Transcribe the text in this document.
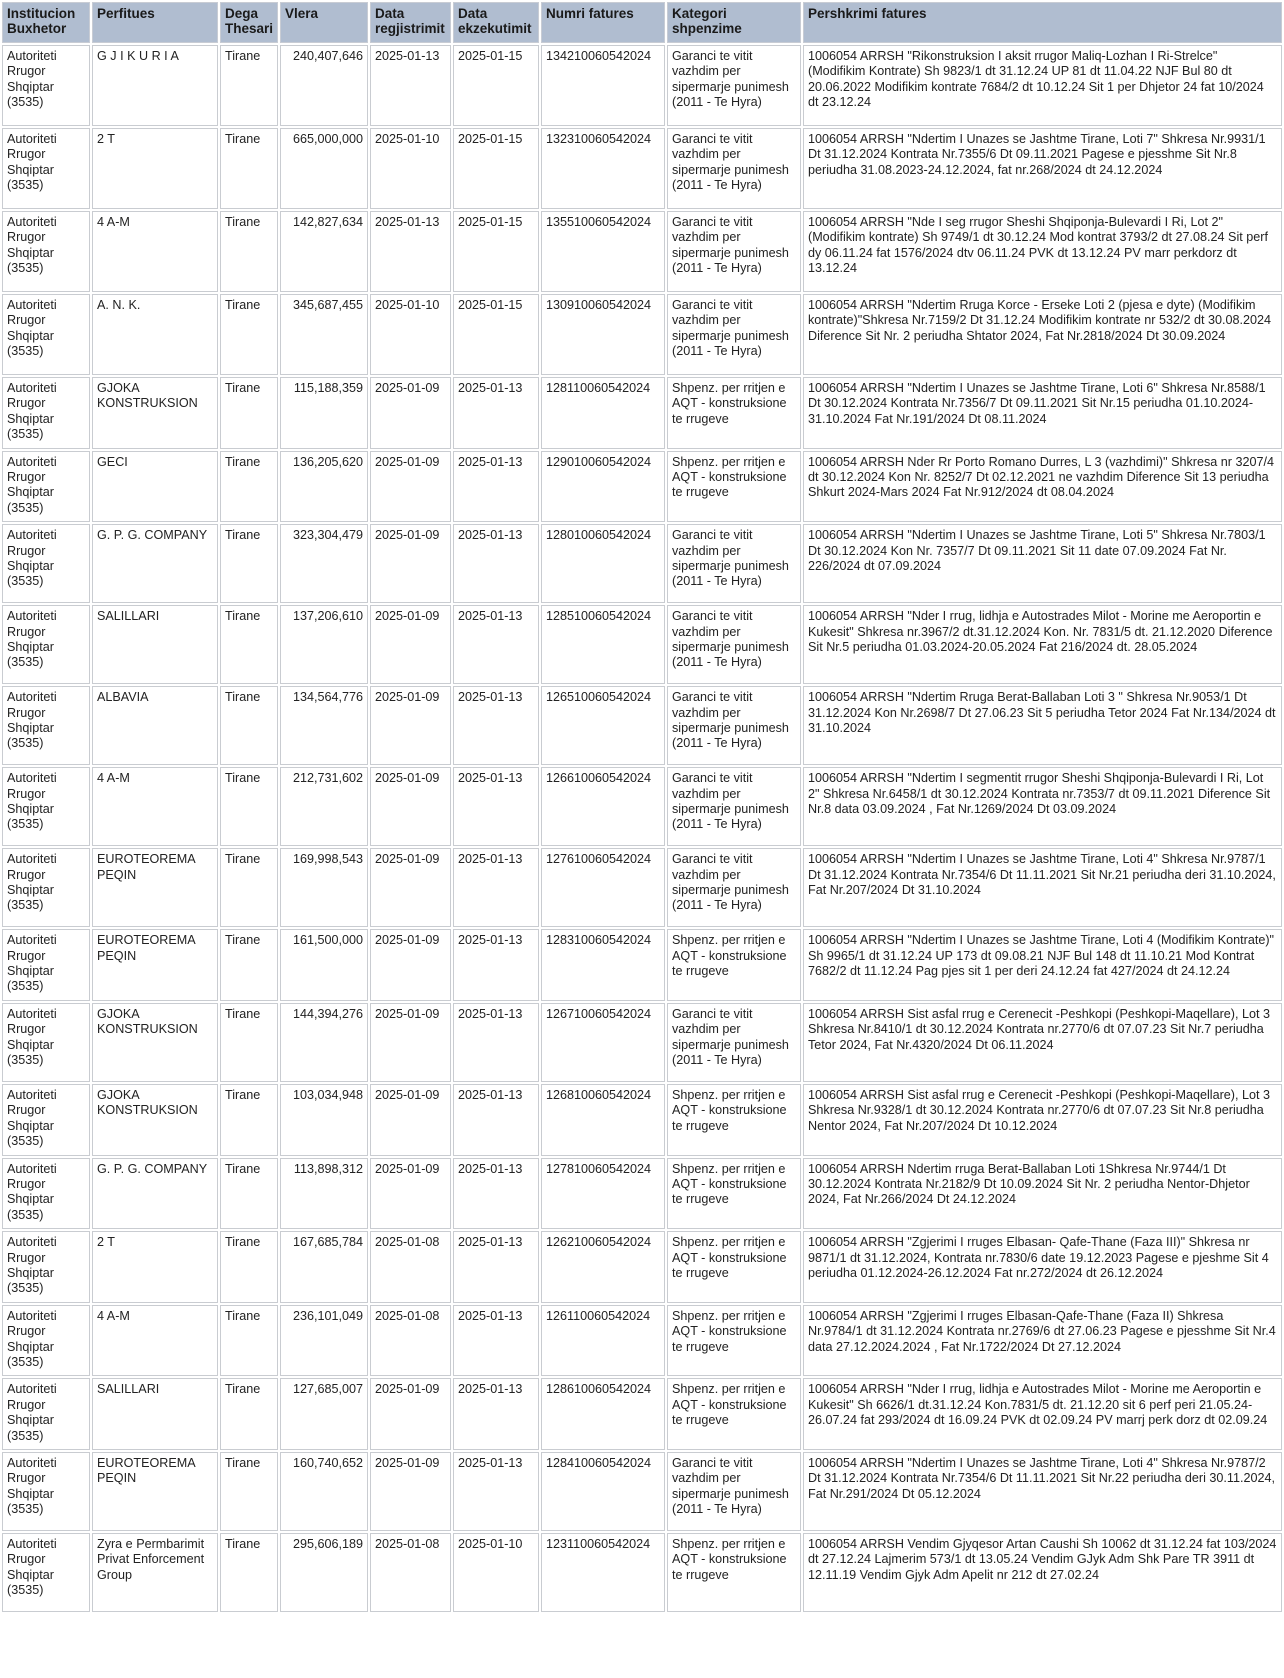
Institucion Buxhetor	Perfitues	Dega Thesari	Vlera	Data regjistrimit	Data ekzekutimit	Numri fatures	Kategori shpenzime	Pershkrimi fatures
Autoriteti Rrugor Shqiptar (3535)	G J I K U R I A	Tirane	240,407,646	2025-01-13	2025-01-15	134210060542024	Garanci te vitit vazhdim per sipermarje punimesh (2011 - Te Hyra)	1006054 ARRSH "Rikonstruksion I aksit rrugor Maliq-Lozhan I Ri-Strelce" (Modifikim Kontrate) Sh 9823/1 dt 31.12.24 UP 81 dt 11.04.22 NJF Bul 80 dt 20.06.2022 Modifikim kontrate 7684/2 dt 10.12.24 Sit 1 per Dhjetor 24 fat 10/2024 dt 23.12.24
Autoriteti Rrugor Shqiptar (3535)	2 T	Tirane	665,000,000	2025-01-10	2025-01-15	132310060542024	Garanci te vitit vazhdim per sipermarje punimesh (2011 - Te Hyra)	1006054 ARRSH "Ndertim I Unazes se Jashtme Tirane, Loti 7" Shkresa Nr.9931/1 Dt 31.12.2024 Kontrata Nr.7355/6 Dt 09.11.2021 Pagese e pjesshme Sit Nr.8 periudha 31.08.2023-24.12.2024, fat nr.268/2024 dt 24.12.2024
Autoriteti Rrugor Shqiptar (3535)	4 A-M	Tirane	142,827,634	2025-01-13	2025-01-15	135510060542024	Garanci te vitit vazhdim per sipermarje punimesh (2011 - Te Hyra)	1006054 ARRSH "Nde I seg rrugor Sheshi Shqiponja-Bulevardi I Ri, Lot 2" (Modifikim kontrate) Sh 9749/1 dt 30.12.24 Mod kontrat 3793/2 dt 27.08.24 Sit perf dy 06.11.24 fat 1576/2024 dtv 06.11.24 PVK dt 13.12.24 PV marr perkdorz dt 13.12.24
Autoriteti Rrugor Shqiptar (3535)	A. N. K.	Tirane	345,687,455	2025-01-10	2025-01-15	130910060542024	Garanci te vitit vazhdim per sipermarje punimesh (2011 - Te Hyra)	1006054 ARRSH "Ndertim Rruga Korce - Erseke Loti 2 (pjesa e dyte) (Modifikim kontrate)"Shkresa Nr.7159/2 Dt 31.12.24 Modifikim kontrate nr 532/2 dt 30.08.2024 Diference Sit Nr. 2 periudha Shtator 2024, Fat Nr.2818/2024 Dt 30.09.2024
Autoriteti Rrugor Shqiptar (3535)	GJOKA KONSTRUKSION	Tirane	115,188,359	2025-01-09	2025-01-13	128110060542024	Shpenz. per rritjen e AQT - konstruksione te rrugeve	1006054 ARRSH "Ndertim I Unazes se Jashtme Tirane, Loti 6" Shkresa Nr.8588/1 Dt 30.12.2024 Kontrata Nr.7356/7 Dt 09.11.2021 Sit Nr.15 periudha 01.10.2024-31.10.2024 Fat Nr.191/2024 Dt 08.11.2024
Autoriteti Rrugor Shqiptar (3535)	GECI	Tirane	136,205,620	2025-01-09	2025-01-13	129010060542024	Shpenz. per rritjen e AQT - konstruksione te rrugeve	1006054 ARRSH Nder Rr Porto Romano Durres, L 3 (vazhdimi)" Shkresa nr 3207/4 dt 30.12.2024 Kon Nr. 8252/7 Dt 02.12.2021 ne vazhdim Diference Sit 13 periudha Shkurt 2024-Mars 2024 Fat Nr.912/2024 dt 08.04.2024
Autoriteti Rrugor Shqiptar (3535)	G. P. G. COMPANY	Tirane	323,304,479	2025-01-09	2025-01-13	128010060542024	Garanci te vitit vazhdim per sipermarje punimesh (2011 - Te Hyra)	1006054 ARRSH "Ndertim I Unazes se Jashtme Tirane, Loti 5" Shkresa Nr.7803/1 Dt 30.12.2024 Kon Nr. 7357/7 Dt 09.11.2021 Sit 11 date 07.09.2024 Fat Nr. 226/2024 dt 07.09.2024
Autoriteti Rrugor Shqiptar (3535)	SALILLARI	Tirane	137,206,610	2025-01-09	2025-01-13	128510060542024	Garanci te vitit vazhdim per sipermarje punimesh (2011 - Te Hyra)	1006054 ARRSH "Nder I rrug, lidhja e Autostrades Milot - Morine me Aeroportin e Kukesit" Shkresa nr.3967/2 dt.31.12.2024 Kon. Nr. 7831/5 dt. 21.12.2020 Diference Sit Nr.5 periudha 01.03.2024-20.05.2024 Fat 216/2024 dt. 28.05.2024
Autoriteti Rrugor Shqiptar (3535)	ALBAVIA	Tirane	134,564,776	2025-01-09	2025-01-13	126510060542024	Garanci te vitit vazhdim per sipermarje punimesh (2011 - Te Hyra)	1006054 ARRSH "Ndertim Rruga Berat-Ballaban Loti 3 " Shkresa Nr.9053/1 Dt 31.12.2024 Kon Nr.2698/7 Dt 27.06.23 Sit 5 periudha Tetor 2024 Fat Nr.134/2024 dt 31.10.2024
Autoriteti Rrugor Shqiptar (3535)	4 A-M	Tirane	212,731,602	2025-01-09	2025-01-13	126610060542024	Garanci te vitit vazhdim per sipermarje punimesh (2011 - Te Hyra)	1006054 ARRSH "Ndertim I segmentit rrugor Sheshi Shqiponja-Bulevardi I Ri, Lot 2" Shkresa Nr.6458/1 dt 30.12.2024 Kontrata nr.7353/7 dt 09.11.2021 Diference Sit Nr.8 data 03.09.2024 , Fat Nr.1269/2024 Dt 03.09.2024
Autoriteti Rrugor Shqiptar (3535)	EUROTEOREMA PEQIN	Tirane	169,998,543	2025-01-09	2025-01-13	127610060542024	Garanci te vitit vazhdim per sipermarje punimesh (2011 - Te Hyra)	1006054 ARRSH "Ndertim I Unazes se Jashtme Tirane, Loti 4" Shkresa Nr.9787/1 Dt 31.12.2024 Kontrata Nr.7354/6 Dt 11.11.2021 Sit Nr.21 periudha deri 31.10.2024, Fat Nr.207/2024 Dt 31.10.2024
Autoriteti Rrugor Shqiptar (3535)	EUROTEOREMA PEQIN	Tirane	161,500,000	2025-01-09	2025-01-13	128310060542024	Shpenz. per rritjen e AQT - konstruksione te rrugeve	1006054 ARRSH "Ndertim I Unazes se Jashtme Tirane, Loti 4 (Modifikim Kontrate)" Sh 9965/1 dt 31.12.24 UP 173 dt 09.08.21 NJF Bul 148 dt 11.10.21 Mod Kontrat 7682/2 dt 11.12.24 Pag pjes sit 1 per deri 24.12.24 fat 427/2024 dt 24.12.24
Autoriteti Rrugor Shqiptar (3535)	GJOKA KONSTRUKSION	Tirane	144,394,276	2025-01-09	2025-01-13	126710060542024	Garanci te vitit vazhdim per sipermarje punimesh (2011 - Te Hyra)	1006054 ARRSH Sist asfal rrug e Cerenecit -Peshkopi (Peshkopi-Maqellare), Lot 3 Shkresa Nr.8410/1 dt 30.12.2024 Kontrata nr.2770/6 dt 07.07.23 Sit Nr.7 periudha Tetor 2024, Fat Nr.4320/2024 Dt 06.11.2024
Autoriteti Rrugor Shqiptar (3535)	GJOKA KONSTRUKSION	Tirane	103,034,948	2025-01-09	2025-01-13	126810060542024	Shpenz. per rritjen e AQT - konstruksione te rrugeve	1006054 ARRSH Sist asfal rrug e Cerenecit -Peshkopi (Peshkopi-Maqellare), Lot 3 Shkresa Nr.9328/1 dt 30.12.2024 Kontrata nr.2770/6 dt 07.07.23 Sit Nr.8 periudha Nentor 2024, Fat Nr.207/2024 Dt 10.12.2024
Autoriteti Rrugor Shqiptar (3535)	G. P. G. COMPANY	Tirane	113,898,312	2025-01-09	2025-01-13	127810060542024	Shpenz. per rritjen e AQT - konstruksione te rrugeve	1006054 ARRSH Ndertim rruga Berat-Ballaban Loti 1Shkresa Nr.9744/1 Dt 30.12.2024 Kontrata Nr.2182/9 Dt 10.09.2024 Sit Nr. 2 periudha Nentor-Dhjetor 2024, Fat Nr.266/2024 Dt 24.12.2024
Autoriteti Rrugor Shqiptar (3535)	2 T	Tirane	167,685,784	2025-01-08	2025-01-13	126210060542024	Shpenz. per rritjen e AQT - konstruksione te rrugeve	1006054 ARRSH "Zgjerimi I rruges Elbasan- Qafe-Thane (Faza III)" Shkresa nr 9871/1 dt 31.12.2024, Kontrata nr.7830/6 date 19.12.2023 Pagese e pjeshme Sit 4 periudha 01.12.2024-26.12.2024 Fat nr.272/2024 dt 26.12.2024
Autoriteti Rrugor Shqiptar (3535)	4 A-M	Tirane	236,101,049	2025-01-08	2025-01-13	126110060542024	Shpenz. per rritjen e AQT - konstruksione te rrugeve	1006054 ARRSH "Zgjerimi I rruges Elbasan-Qafe-Thane (Faza II) Shkresa Nr.9784/1 dt 31.12.2024 Kontrata nr.2769/6 dt 27.06.23 Pagese e pjesshme Sit Nr.4 data 27.12.2024.2024 , Fat Nr.1722/2024 Dt 27.12.2024
Autoriteti Rrugor Shqiptar (3535)	SALILLARI	Tirane	127,685,007	2025-01-09	2025-01-13	128610060542024	Shpenz. per rritjen e AQT - konstruksione te rrugeve	1006054 ARRSH "Nder I rrug, lidhja e Autostrades Milot - Morine me Aeroportin e Kukesit" Sh 6626/1 dt.31.12.24 Kon.7831/5 dt. 21.12.20 sit 6 perf peri 21.05.24-26.07.24 fat 293/2024 dt 16.09.24 PVK dt 02.09.24 PV marrj perk dorz dt 02.09.24
Autoriteti Rrugor Shqiptar (3535)	EUROTEOREMA PEQIN	Tirane	160,740,652	2025-01-09	2025-01-13	128410060542024	Garanci te vitit vazhdim per sipermarje punimesh (2011 - Te Hyra)	1006054 ARRSH "Ndertim I Unazes se Jashtme Tirane, Loti 4" Shkresa Nr.9787/2 Dt 31.12.2024 Kontrata Nr.7354/6 Dt 11.11.2021 Sit Nr.22 periudha deri 30.11.2024, Fat Nr.291/2024 Dt 05.12.2024
Autoriteti Rrugor Shqiptar (3535)	Zyra e Permbarimit Privat Enforcement Group	Tirane	295,606,189	2025-01-08	2025-01-10	123110060542024	Shpenz. per rritjen e AQT - konstruksione te rrugeve	1006054 ARRSH Vendim Gjyqesor Artan Caushi Sh 10062 dt 31.12.24 fat 103/2024 dt 27.12.24 Lajmerim 573/1 dt 13.05.24 Vendim GJyk Adm Shk Pare TR 3911 dt 12.11.19 Vendim Gjyk Adm Apelit nr 212 dt 27.02.24
